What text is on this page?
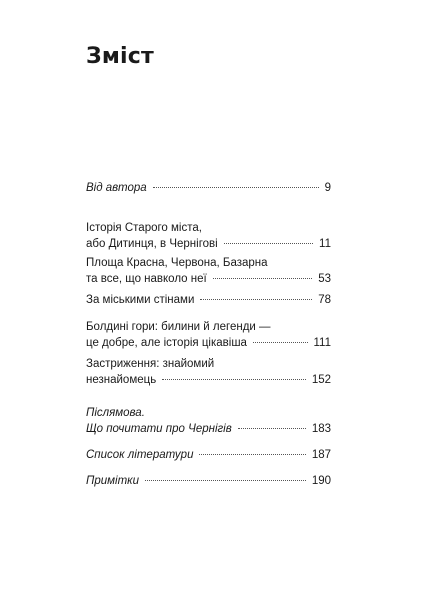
Зміст
Від автора	9
Історія Старого міста,
або Дитинця, в Чернігові	11
Площа Красна, Червона, Базарна
та все, що навколо неї	53
За міськими стінами	78
Болдині гори: билини й легенди —
це добре, але історія цікавіша	111
Застриження: знайомий
незнайомець	152
Післямова.
Що почитати про Чернігів	183
Список літератури	187
Примітки	190
